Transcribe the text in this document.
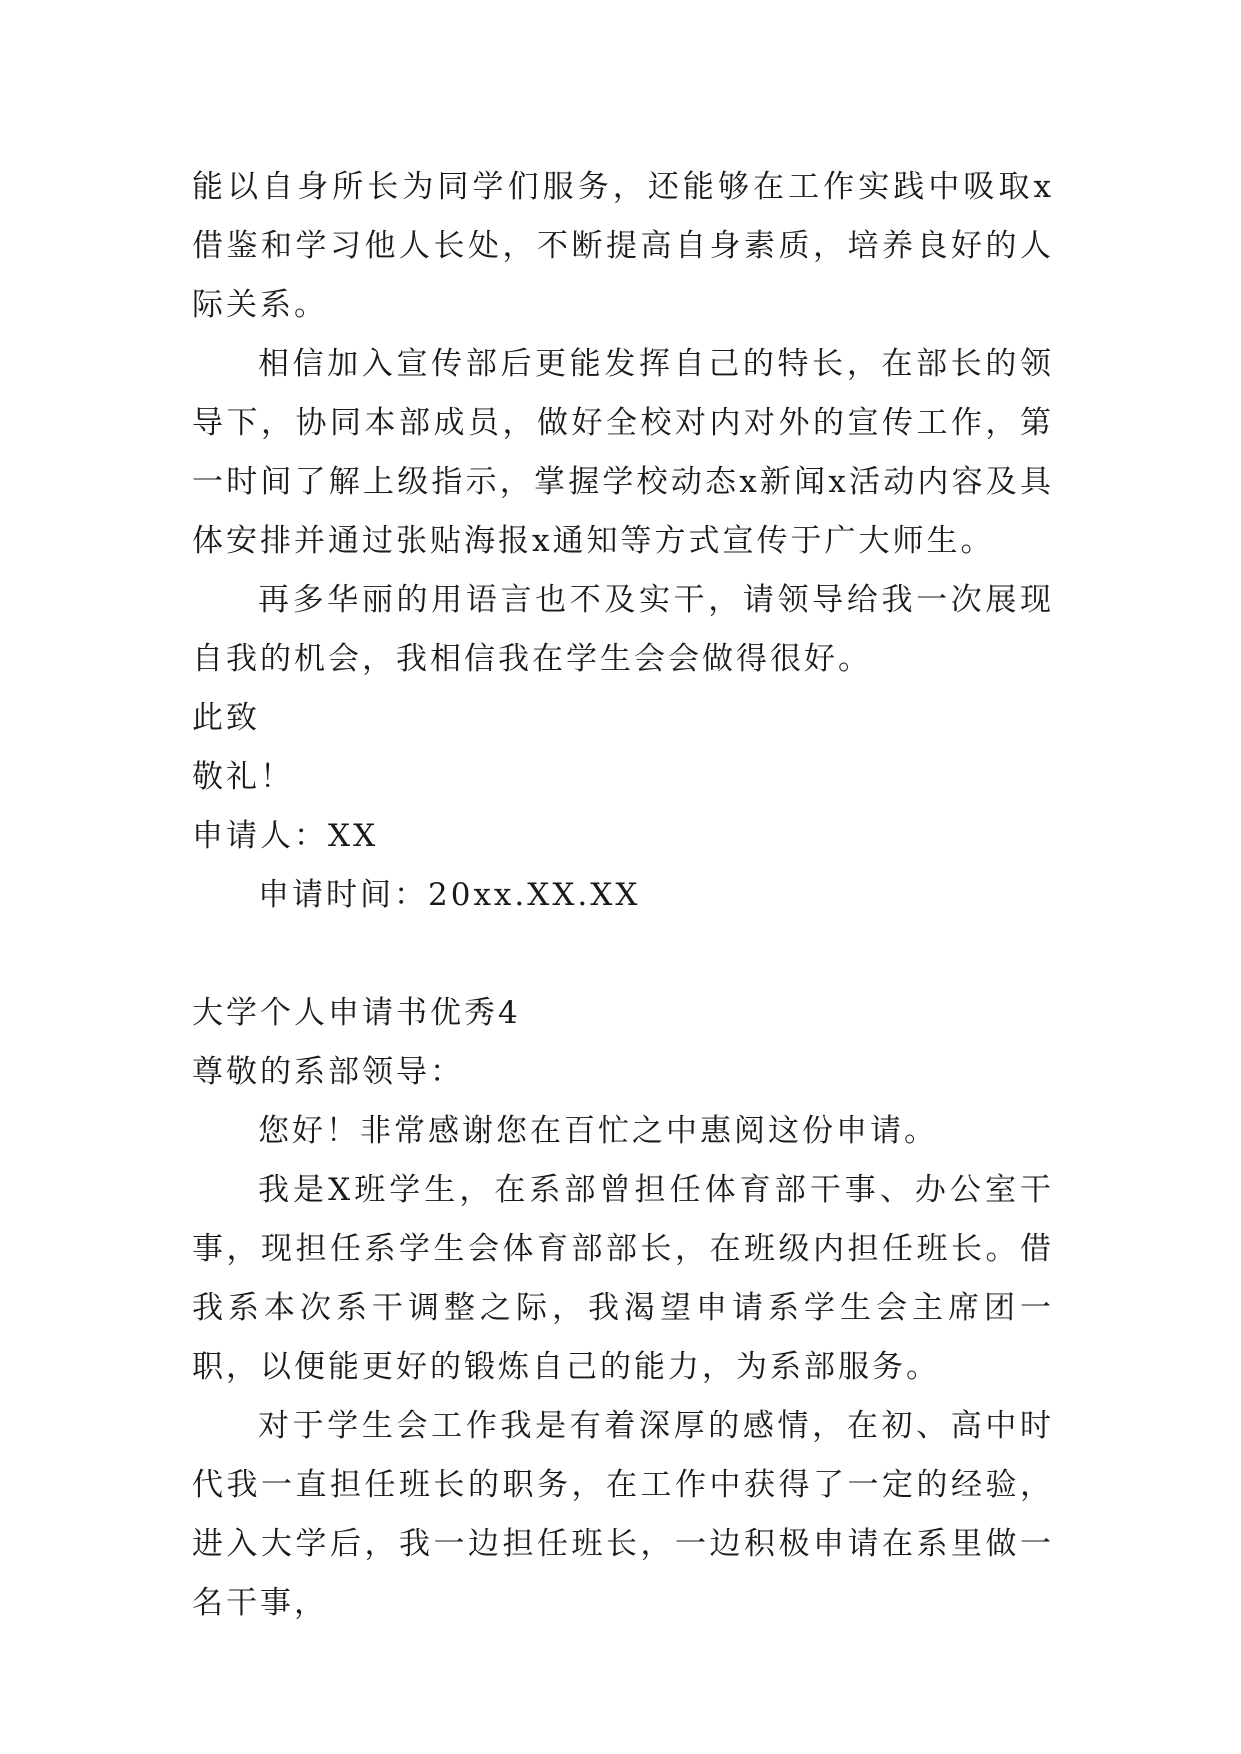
能以自身所长为同学们服务，还能够在工作实践中吸取x借鉴和学习他人长处，不断提高自身素质，培养良好的人际关系。

相信加入宣传部后更能发挥自己的特长，在部长的领导下，协同本部成员，做好全校对内对外的宣传工作，第一时间了解上级指示，掌握学校动态x新闻x活动内容及具体安排并通过张贴海报x通知等方式宣传于广大师生。

再多华丽的用语言也不及实干，请领导给我一次展现自我的机会，我相信我在学生会会做得很好。

此致

敬礼！

申请人：XX

申请时间：20xx.XX.XX

大学个人申请书优秀4

尊敬的系部领导：

您好！非常感谢您在百忙之中惠阅这份申请。

我是X班学生，在系部曾担任体育部干事、办公室干事，现担任系学生会体育部部长，在班级内担任班长。借我系本次系干调整之际，我渴望申请系学生会主席团一职，以便能更好的锻炼自己的能力，为系部服务。

对于学生会工作我是有着深厚的感情，在初、高中时代我一直担任班长的职务，在工作中获得了一定的经验，进入大学后，我一边担任班长，一边积极申请在系里做一名干事，
